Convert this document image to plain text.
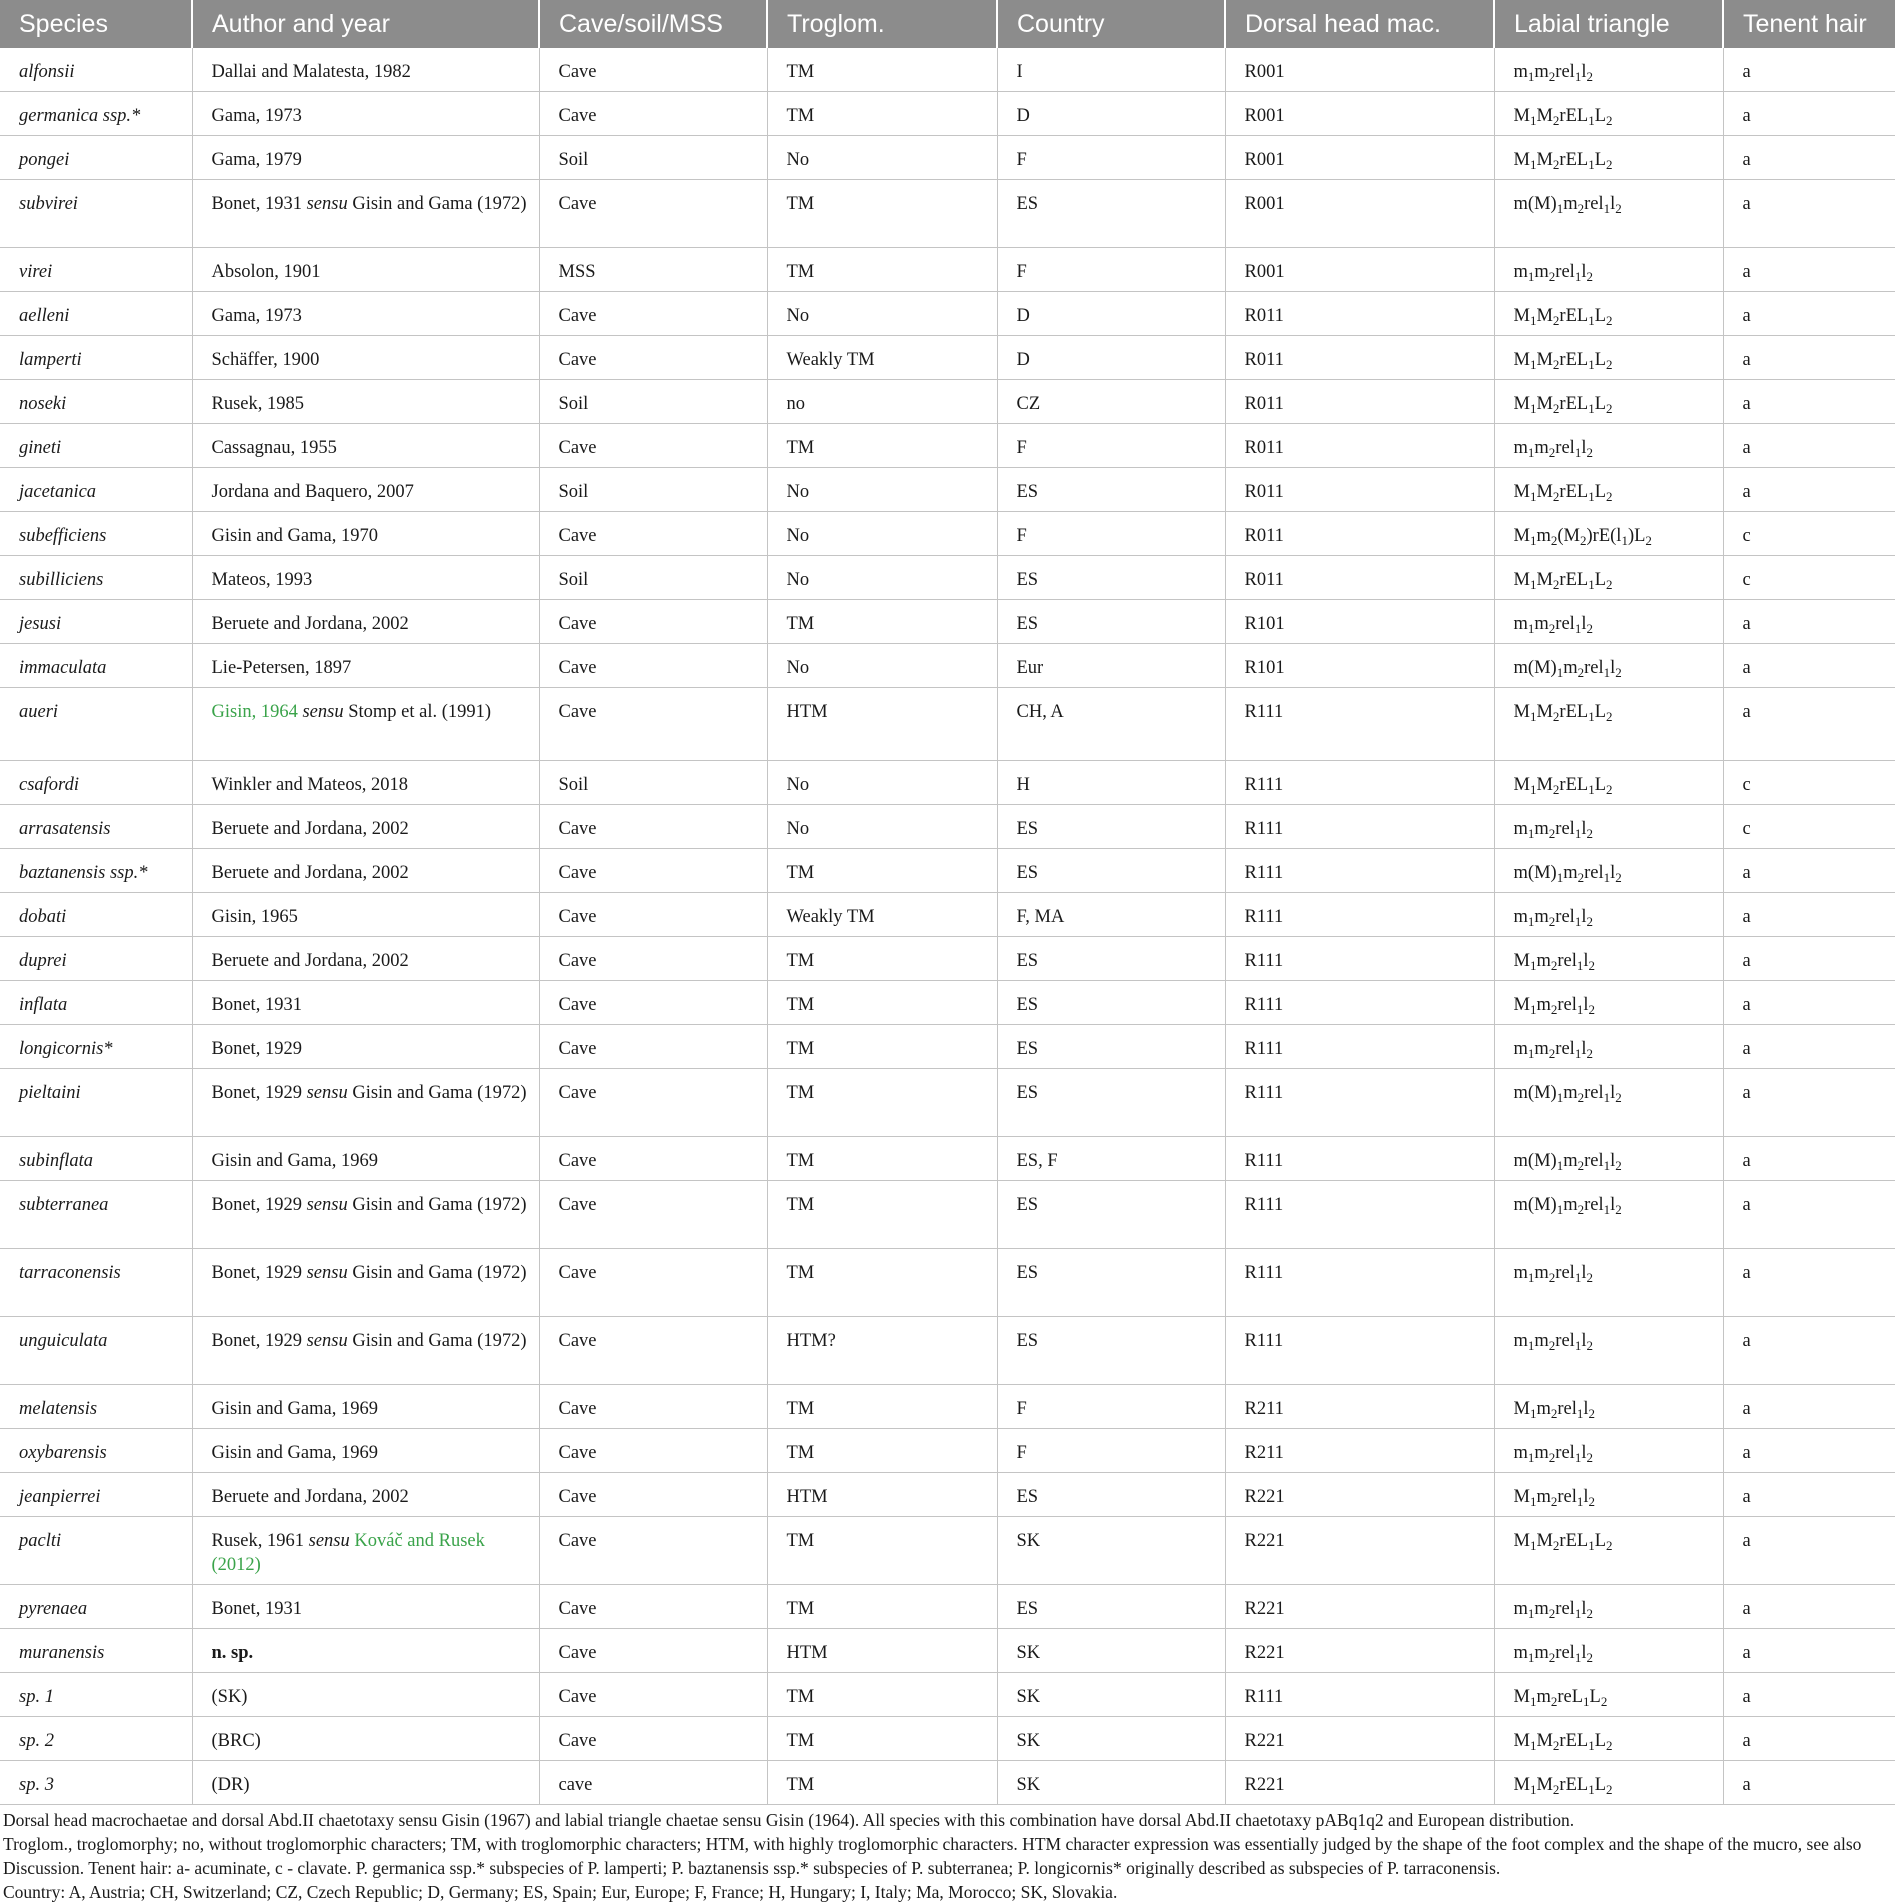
Species	Author and year	Cave/soil/MSS	Troglom.	Country	Dorsal head mac.	Labial triangle	Tenent hair
alfonsii	Dallai and Malatesta, 1982	Cave	TM	I	R001	$m_1m_2rel_1l_2$	a
germanica ssp.*	Gama, 1973	Cave	TM	D	R001	$M_1M_2rEL_1L_2$	a
pongei	Gama, 1979	Soil	No	F	R001	$M_1M_2rEL_1L_2$	a
subvirei	Bonet, 1931 sensu Gisin and Gama (1972)	Cave	TM	ES	R001	$m(M)_1m_2rel_1l_2$	a
virei	Absolon, 1901	MSS	TM	F	R001	$m_1m_2rel_1l_2$	a
aelleni	Gama, 1973	Cave	No	D	R011	$M_1M_2rEL_1L_2$	a
lamperti	Schäffer, 1900	Cave	Weakly TM	D	R011	$M_1M_2rEL_1L_2$	a
noseki	Rusek, 1985	Soil	no	CZ	R011	$M_1M_2rEL_1L_2$	a
gineti	Cassagnau, 1955	Cave	TM	F	R011	$m_1m_2rel_1l_2$	a
jacetanica	Jordana and Baquero, 2007	Soil	No	ES	R011	$M_1M_2rEL_1L_2$	a
subefficiens	Gisin and Gama, 1970	Cave	No	F	R011	$M_1m_2(M_2)rE(l_1)L_2$	c
subilliciens	Mateos, 1993	Soil	No	ES	R011	$M_1M_2rEL_1L_2$	c
jesusi	Beruete and Jordana, 2002	Cave	TM	ES	R101	$m_1m_2rel_1l_2$	a
immaculata	Lie-Petersen, 1897	Cave	No	Eur	R101	$m(M)_1m_2rel_1l_2$	a
aueri	Gisin, 1964 sensu Stomp et al. (1991)	Cave	HTM	CH, A	R111	$M_1M_2rEL_1L_2$	a
csafordi	Winkler and Mateos, 2018	Soil	No	H	R111	$M_1M_2rEL_1L_2$	c
arrasatensis	Beruete and Jordana, 2002	Cave	No	ES	R111	$m_1m_2rel_1l_2$	c
baztanensis ssp.*	Beruete and Jordana, 2002	Cave	TM	ES	R111	$m(M)_1m_2rel_1l_2$	a
dobati	Gisin, 1965	Cave	Weakly TM	F, MA	R111	$m_1m_2rel_1l_2$	a
duprei	Beruete and Jordana, 2002	Cave	TM	ES	R111	$M_1m_2rel_1l_2$	a
inflata	Bonet, 1931	Cave	TM	ES	R111	$M_1m_2rel_1l_2$	a
longicornis*	Bonet, 1929	Cave	TM	ES	R111	$m_1m_2rel_1l_2$	a
pieltaini	Bonet, 1929 sensu Gisin and Gama (1972)	Cave	TM	ES	R111	$m(M)_1m_2rel_1l_2$	a
subinflata	Gisin and Gama, 1969	Cave	TM	ES, F	R111	$m(M)_1m_2rel_1l_2$	a
subterranea	Bonet, 1929 sensu Gisin and Gama (1972)	Cave	TM	ES	R111	$m(M)_1m_2rel_1l_2$	a
tarraconensis	Bonet, 1929 sensu Gisin and Gama (1972)	Cave	TM	ES	R111	$m_1m_2rel_1l_2$	a
unguiculata	Bonet, 1929 sensu Gisin and Gama (1972)	Cave	HTM?	ES	R111	$m_1m_2rel_1l_2$	a
melatensis	Gisin and Gama, 1969	Cave	TM	F	R211	$M_1m_2rel_1l_2$	a
oxybarensis	Gisin and Gama, 1969	Cave	TM	F	R211	$m_1m_2rel_1l_2$	a
jeanpierrei	Beruete and Jordana, 2002	Cave	HTM	ES	R221	$M_1m_2rel_1l_2$	a
paclti	Rusek, 1961 sensu Kováč and Rusek (2012)	Cave	TM	SK	R221	$M_1M_2rEL_1L_2$	a
pyrenaea	Bonet, 1931	Cave	TM	ES	R221	$m_1m_2rel_1l_2$	a
muranensis	n. sp.	Cave	HTM	SK	R221	$m_1m_2rel_1l_2$	a
sp. 1	(SK)	Cave	TM	SK	R111	$M_1m_2reL_1L_2$	a
sp. 2	(BRC)	Cave	TM	SK	R221	$M_1M_2rEL_1L_2$	a
sp. 3	(DR)	cave	TM	SK	R221	$M_1M_2rEL_1L_2$	a

Dorsal head macrochaetae and dorsal Abd.II chaetotaxy sensu Gisin (1967) and labial triangle chaetae sensu Gisin (1964). All species with this combination have dorsal Abd.II chaetotaxy pABq1q2 and European distribution.

Troglom., troglomorphy; no, without troglomorphic characters; TM, with troglomorphic characters; HTM, with highly troglomorphic characters. HTM character expression was essentially judged by the shape of the foot complex and the shape of the mucro, see also Discussion. Tenent hair: a- acuminate, c - clavate. P. germanica ssp.* subspecies of P. lamperti; P. baztanensis ssp.* subspecies of P. subterranea; P. longicornis* originally described as subspecies of P. tarraconensis.

Country: A, Austria; CH, Switzerland; CZ, Czech Republic; D, Germany; ES, Spain; Eur, Europe; F, France; H, Hungary; I, Italy; Ma, Morocco; SK, Slovakia.
